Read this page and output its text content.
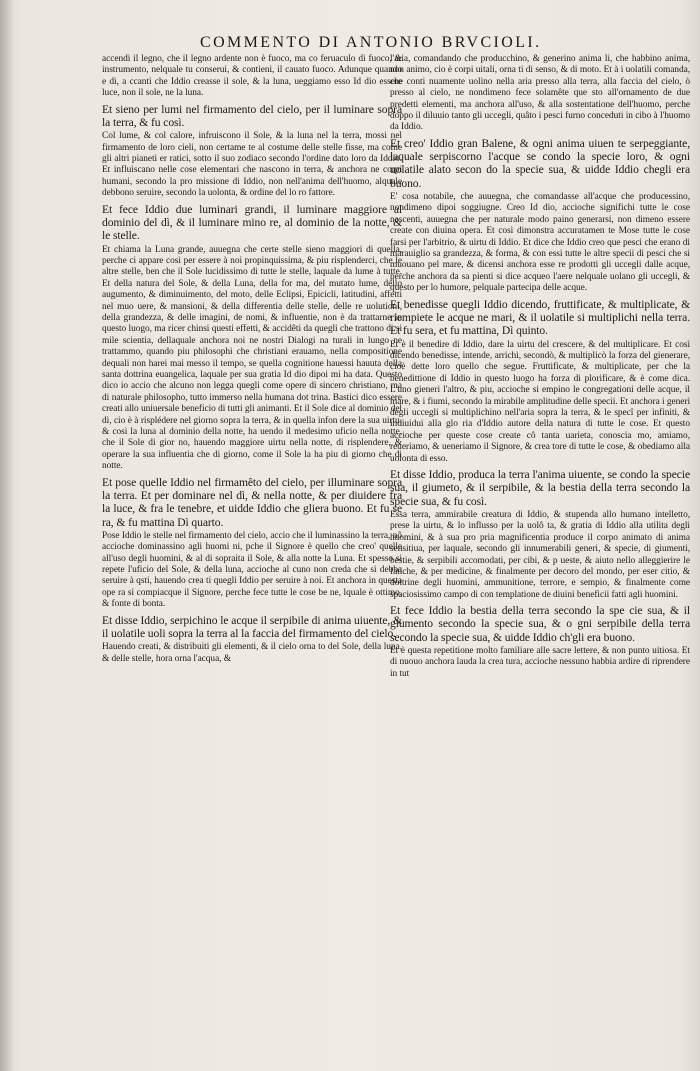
COMMENTO DI ANTONIO BRVCIOLI.

accendi il legno, che il legno ardente non è fuoco, ma co feruaculo di fuoco, & instrumento, nelquale tu conserui, & contieni, il cauato fuoco. Adunque quando e dì, a ccanti che Iddio creasse il sole, & la luna, ueggiamo esso Id dio essere luce, non il sole, ne la luna.

Et sieno per lumi nel firmamento del cielo, per il luminare sopra la terra, & fu così.

Col lume, & col calore, infruiscono il Sole, & la luna nel la terra, mossi nel firmamento de loro cieli, non certame te al costume delle stelle fisse, ma come gli altri pianeti er ratici, sotto il suo zodiaco secondo l'ordine dato loro da Iddio. Et influiscano nelle cose elementari che nascono in terra, & anchora ne corpi humani, secondo la pro missione di Iddio, non nell'anima dell'huomo, alquale debbono seruire, secondo la uolonta, & ordine del lo ro fattore.

Et fece Iddio due luminari grandi, il luminare maggiore al dominio del dì, & il luminare mino re, al dominio de la notte, & le stelle.

Et chiama la Luna grande, auuegna che certe stelle sieno maggiori di quella, perche ci appare così per essere à noi propinquissima, & piu risplenderci, che le altre stelle, ben che il Sole lucidissimo di tutte le stelle, laquale da lume à tutte. Et della natura del Sole, & della Luna, della for ma, del mutato lume, dello augumento, & diminuimento, del moto, delle Eclipsi, Epicicli, latitudini, affetti nel muo uere, & mansioni, & della differentia delle stelle, delle re uolutioni, della grandezza, & delle imagini, de nomi, & influentie, non è da trattarne in questo luogo, ma ricer chinsi questi effetti, & accidêti da quegli che trattono di si mile scientia, dellaquale anchora noi ne nostri Dialogi na turali in lungo ne trattammo, quando piu philosophi che christiani erauamo, nella compositione dequali non harei mai messo il tempo, se quella cognitione hauessi hauuta della santa dottrina euangelica, laquale per sua gratia Id dio dipoi mi ha data. Questo dico io accio che alcuno non legga quegli come opere di sincero christiano, ma di naturale philosopho, tutto immerso nella humana dot trina. Bastici dico essere creati allo uniuersale beneficio di tutti gli animanti. Et il Sole dice al dominio del dì, cio è à risplédere nel giorno sopra la terra, & in quella infon dere la sua uirtu, & così la luna al dominio della notte, ha uendo il medesimo uficio nella notte, che il Sole di gior no, hauendo maggiore uirtu nella notte, di risplendere, & operare la sua influentia che di giorno, come il Sole la ha piu di giorno che di notte.

Et pose quelle Iddio nel firmamêto del cielo, per illuminare sopra la terra. Et per dominare nel dì, & nella notte, & per diuidere fra la luce, & fra le tenebre, et uidde Iddio che gliera buono. Et fu se ra, & fu mattina Dì quarto.

Pose Iddio le stelle nel firmamento del cielo, accio che il luminassino la terra, nô accioche dominassino agli huomi ni, pche il Signore è quello che creo' quelle all'uso degli huomini, & al di sopraita il Sole, & alla notte la Luna. Et spesso si repete l'uficio del Sole, & della luna, accioche al cuno non creda che si debba seruire à qsti, hauendo crea ti quegli Iddio per seruire à noi. Et anchora in questa ope ra si compiacque il Signore, perche fece tutte le cose be ne, lquale è ottimo, & fonte di bonta.

Et disse Iddio, serpichino le acque il serpibile di anima uiuente, & il uolatile uoli sopra la terra al la faccia del firmamento del cielo.

Hauendo creati, & distribuiti gli elementi, & il cielo orna to del Sole, della luna, & delle stelle, hora orna l'acqua, &

l'aria, comandando che producchino, & generino anima li, che habbino anima, non animo, cio è corpi uitali, orna ti di senso, & di moto. Et à i uolatili comanda, che conti nuamente uolino nella aria presso alla terra, alla faccia del cielo, ò presso al cielo, ne nondimeno fece solamête que sto all'ornamento de due predetti elementi, ma anchora all'uso, & alla sostentatione dell'huomo, perche doppo il diluuio tanto gli uccegli, quâto i pesci furno conceduti in cibo à l'huomo da Iddio.

Et creo' Iddio gran Balene, & ogni anima uiuen te serpeggiante, laquale serpiscorno l'acque se condo la specie loro, & ogni uolatile alato secon do la specie sua, & uidde Iddio chegli era buono.

E' cosa notabile, che auuegna, che comandasse all'acque che producessino, nondimeno dipoi soggiugne. Creo Id dio, accioche significhi tutte le cose nascenti, auuegna che per naturale modo paino generarsi, non dimeno essere create con diuina opera. Et così dimonstra accuratamen te Mose tutte le cose farsi per l'arbitrio, & uirtu di Iddio. Et dice che Iddio creo que pesci che erano di marauiglio sa grandezza, & forma, & con essi tutte le altre specii di pesci che si muouano pel mare, & dicensi anchora esse re prodotti gli uccegli dalle acque, perche anchora da sa pienti si dice acqueo l'aere nelquale uolano gli uccegli, & questo per lo humore, pelquale partecipa delle acque.

Et benedisse quegli Iddio dicendo, fruttificate, & multiplicate, & riempiete le acque ne mari, & il uolatile si multiplichi nella terra. Et fu sera, et fu mattina, Dì quinto.

Et è il benedire di Iddio, dare la uirtu del crescere, & del multiplicare. Et così dicendo benedisse, intende, arrichì, secondò, & multiplicò la forza del gienerare, cioè dette loro quello che segue. Fruttificate, & multiplicate, per che la benedittione di Iddio in questo luogo ha forza di plorificare, & è come dica. L'uno gieneri l'altro, & piu, accioche si empino le congregationi delle acque, il mare, & i fiumi, secondo la mirabile amplitudine delle specii. Et anchora i generi degli uccegli si multiplichino nell'aria sopra la terra, & le specî per infiniti, & indiuidui alla glo ria d'Iddio autore della natura di tutte le cose. Et questo accioche per queste cose create cô tanta uarieta, conoscia mo, amiamo, reueriamo, & ueneriamo il Signore, & crea tore di tutte le cose, & obediamo alla uolonta di esso.

Et disse Iddio, produca la terra l'anima uiuente, se condo la specie sua, il giumeto, & il serpibile, & la bestia della terra secondo la specie sua, & fu così.

Essa terra, ammirabile creatura di Iddio, & stupenda allo humano intelletto, prese la uirtu, & lo influsso per la uolô ta, & gratia di Iddio alla utilita degli huomini, & à sua pro pria magnificentia produce il corpo animato di anima sensitiua, per laquale, secondo gli innumerabili generi, & specie, di giumenti, bestie, & serpibili accomodati, per cibi, & p ueste, & aiuto nello alleggierire le fatiche, & per medicine, & finalmente per decoro del mondo, per eser citio, & dottrine degli huomini, ammunitione, terrore, e sempio, & finalmente come spaciosissimo campo di con templatione de diuini beneficii fatti agli huomini.

Et fece Iddio la bestia della terra secondo la spe cie sua, & il giumento secondo la specie sua, & o gni serpibile della terra secondo la specie sua, & uidde Iddio ch'gli era buono.

Et è questa repetitione molto familiare alle sacre lettere, & non punto uitiosa. Et di nuouo anchora lauda la crea tura, accioche nessuno habbia ardire di riprendere in tut
